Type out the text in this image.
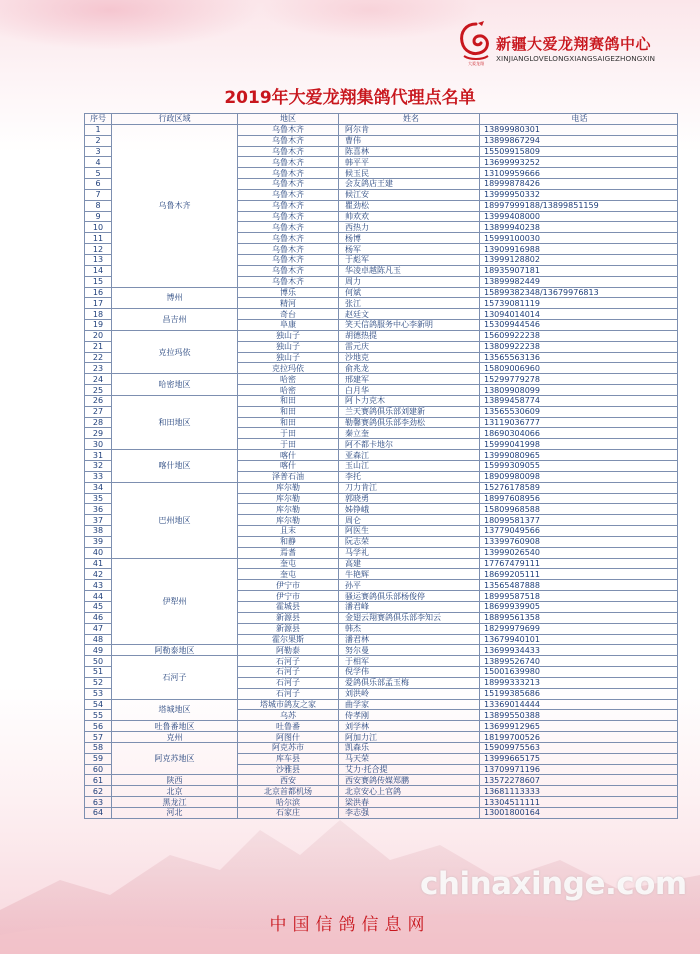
大爱龙翔
新疆大爱龙翔赛鸽中心
XINJIANGLOVELONGXIANGSAIGEZHONGXIN
2019年大爱龙翔集鸽代理点名单
序号	行政区域	地区	姓名	电话
1	乌鲁木齐	乌鲁木齐	阿尔肯	13899980301
2		乌鲁木齐	曹伟	13899867294
3		乌鲁木齐	陈喜林	15509915809
4		乌鲁木齐	韩平平	13699993252
5		乌鲁木齐	候玉民	13109959666
6		乌鲁木齐	会友鸽店王建	18999878426
7		乌鲁木齐	候江安	13999950332
8		乌鲁木齐	瞿劲松	18997999188/13899851159
9		乌鲁木齐	帅欢欢	13999408000
10		乌鲁木齐	西热力	13899940238
11		乌鲁木齐	杨博	15999100030
12		乌鲁木齐	杨军	13909916988
13		乌鲁木齐	于彪军	13999128802
14		乌鲁木齐	华凌卓越陈凡玉	18935907181
15		乌鲁木齐	周力	13899982449
16	博州	博乐	何斌	15899382348/13679976813
17		精河	张江	15739081119
18	昌吉州	奇台	赵廷文	13094014014
19		阜康	笑天信鸽服务中心李新明	15309944546
20	克拉玛依	独山子	胡德热提	15609922238
21		独山子	雷元庆	13809922238
22		独山子	沙地克	13565563136
23		克拉玛依	俞兆龙	15809006960
24	哈密地区	哈密	邢建军	15299779278
25		哈密	白月华	13809908099
26	和田地区	和田	阿卜力克木	13899458774
27		和田	兰天赛鸽俱乐部刘建新	13565530609
28		和田	勒馨赛鸽俱乐部李劲松	13119036777
29		于田	秦立奎	18690304066
30		于田	阿不都卡地尔	15999041998
31	喀什地区	喀什	亚森江	13999080965
32		喀什	玉山江	15999309055
33		泽普石油	李托	18909980098
34	巴州地区	库尔勒	刀力肯江	15276178589
35		库尔勒	郭晓勇	18997608956
36		库尔勒	姊铮峨	15809968588
37		库尔勒	周仑	18099581377
38		且末	阿医生	13779049566
39		和静	阮志荣	13399760908
40		焉耆	马学礼	13999026540
41	伊犁州	奎屯	高建	17767479111
42		奎屯	牛艳辉	18699205111
43		伊宁市	孙平	13565487888
44		伊宁市	骚运赛鸽俱乐部杨俊停	18999587518
45		霍城县	潘君峰	18699939905
46		新源县	金翅云翔赛鸽俱乐部李知云	18899561358
47		新源县	韩杰	18299979699
48		霍尔果斯	潘君林	13679940101
49	阿勒泰地区	阿勒泰	努尔曼	13699934433
50	石河子	石河子	于相军	13899526740
51		石河子	倪学伟	15001639980
52		石河子	爱鸽俱乐部孟玉梅	18999333213
53		石河子	刘洪岭	15199385686
54	塔城地区	塔城市鸽友之家	曲学家	13369014444
55		乌苏	侍孝刚	13899550388
56	吐鲁番地区	吐鲁番	刘学林	13699912965
57	克州	阿图什	阿加力江	18199700526
58	阿克苏地区	阿克苏市	凯森乐	15909975563
59		库车县	马天荣	13999665175
60		沙雅县	艾力·托合提	13709971196
61	陕西	西安	西安赛鸽传媒郑鹏	13572278607
62	北京	北京首都机场	北京安心上官鸽	13681113333
63	黑龙江	哈尔滨	梁洪春	13304511111
64	河北	石家庄	李志强	13001800164
chinaxinge.com
中国信鸽信息网
